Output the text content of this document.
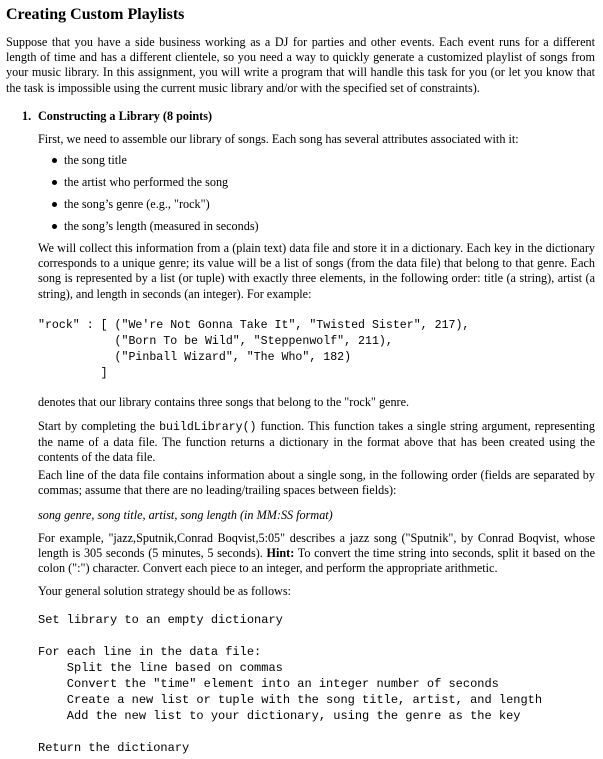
Creating Custom Playlists
Suppose that you have a side business working as a DJ for parties and other events. Each event runs for a different length of time and has a different clientele, so you need a way to quickly generate a customized playlist of songs from your music library. In this assignment, you will write a program that will handle this task for you (or let you know that the task is impossible using the current music library and/or with the specified set of constraints).
1. Constructing a Library (8 points)
First, we need to assemble our library of songs. Each song has several attributes associated with it:
the song title
the artist who performed the song
the song’s genre (e.g., "rock")
the song’s length (measured in seconds)
We will collect this information from a (plain text) data file and store it in a dictionary. Each key in the dictionary corresponds to a unique genre; its value will be a list of songs (from the data file) that belong to that genre. Each song is represented by a list (or tuple) with exactly three elements, in the following order: title (a string), artist (a string), and length in seconds (an integer). For example:
"rock" : [ ("We're Not Gonna Take It", "Twisted Sister", 217),
("Born To be Wild", "Steppenwolf", 211),
("Pinball Wizard", "The Who", 182)
]
denotes that our library contains three songs that belong to the "rock" genre.
Start by completing the buildLibrary() function. This function takes a single string argument, representing the name of a data file. The function returns a dictionary in the format above that has been created using the contents of the data file.
Each line of the data file contains information about a single song, in the following order (fields are separated by commas; assume that there are no leading/trailing spaces between fields):
song genre, song title, artist, song length (in MM:SS format)
For example, "jazz,Sputnik,Conrad Boqvist,5:05" describes a jazz song ("Sputnik", by Conrad Boqvist, whose length is 305 seconds (5 minutes, 5 seconds). Hint: To convert the time string into seconds, split it based on the colon (":") character. Convert each piece to an integer, and perform the appropriate arithmetic.
Your general solution strategy should be as follows:
Set library to an empty dictionary
For each line in the data file:
Split the line based on commas
Convert the "time" element into an integer number of seconds
Create a new list or tuple with the song title, artist, and length
Add the new list to your dictionary, using the genre as the key
Return the dictionary
